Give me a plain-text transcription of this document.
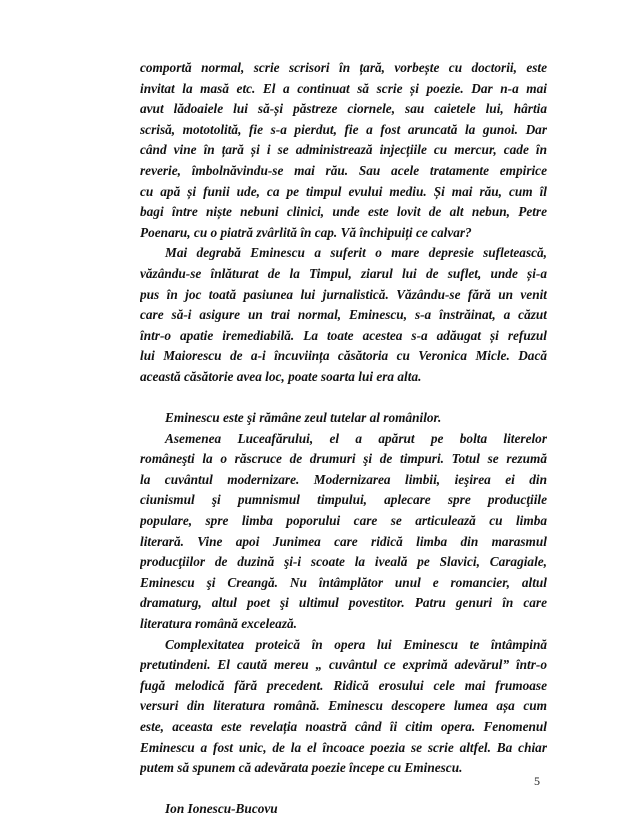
comportă normal, scrie scrisori în țară, vorbește cu doctorii, este
invitat la masă etc. El a continuat să scrie și poezie. Dar n-a mai
avut lădoaiele lui să-și păstreze ciornele, sau caietele lui, hârtia
scrisă, mototolită, fie s-a pierdut, fie a fost aruncată la gunoi. Dar
când vine în țară și i se administrează injecțiile cu mercur, cade în
reverie, îmbolnăvindu-se mai rău. Sau acele tratamente empirice
cu apă și funii ude, ca pe timpul evului mediu. Și mai rău, cum îl
bagi între niște nebuni clinici, unde este lovit de alt nebun, Petre
Poenaru, cu o piatră zvârlită în cap. Vă închipuiți ce calvar?
Mai degrabă Eminescu a suferit o mare depresie sufletească,
văzându-se înlăturat de la Timpul, ziarul lui de suflet, unde și-a
pus în joc toată pasiunea lui jurnalistică. Văzându-se fără un venit
care să-i asigure un trai normal, Eminescu, s-a înstrăinat, a căzut
într-o apatie iremediabilă. La toate acestea s-a adăugat și refuzul
lui Maiorescu de a-i încuviința căsătoria cu Veronica Micle. Dacă
această căsătorie avea loc, poate soarta lui era alta.
Eminescu este şi rămâne zeul tutelar al românilor.
Asemenea Luceafărului, el a apărut pe bolta literelor
româneşti la o răscruce de drumuri şi de timpuri. Totul se rezumă
la cuvântul modernizare. Modernizarea limbii, ieşirea ei din
ciunismul şi pumnismul timpului, aplecare spre producţiile
populare, spre limba poporului care se articulează cu limba
literară. Vine apoi Junimea care ridică limba din marasmul
producţiilor de duzină şi-i scoate la iveală pe Slavici, Caragiale,
Eminescu şi Creangă. Nu întâmplător unul e romancier, altul
dramaturg, altul poet şi ultimul povestitor. Patru genuri în care
literatura română excelează.
Complexitatea proteică în opera lui Eminescu te întâmpină
pretutindeni. El caută mereu „ cuvântul ce exprimă adevărul” într-o
fugă melodică fără precedent. Ridică erosului cele mai frumoase
versuri din literatura română. Eminescu descopere lumea așa cum
este, aceasta este revelația noastră când îi citim opera. Fenomenul
Eminescu a fost unic, de la el încoace poezia se scrie altfel. Ba chiar
putem să spunem că adevărata poezie începe cu Eminescu.
Ion Ionescu-Bucovu
5
